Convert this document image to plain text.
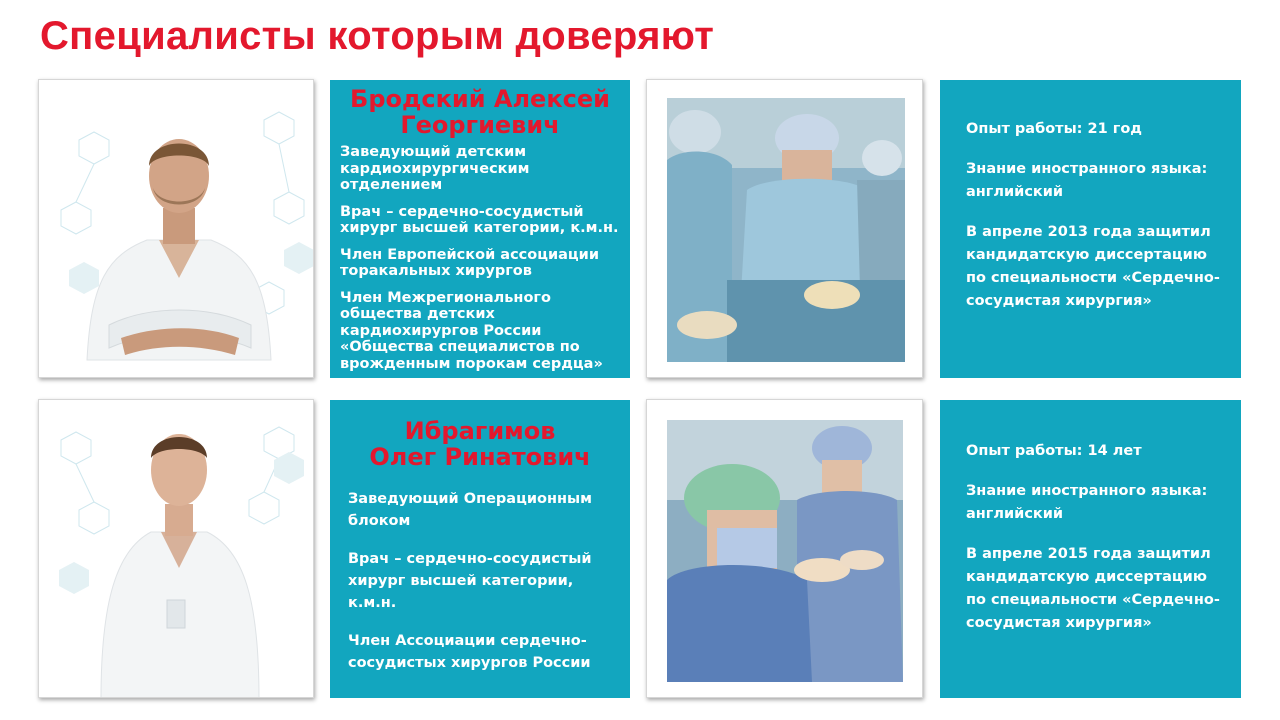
Специалисты которым доверяют
Бродский Алексей
Георгиевич

Заведующий детским кардиохирургическим отделением

Врач – сердечно-сосудистый хирург высшей категории, к.м.н.

Член Европейской ассоциации торакальных хирургов

Член Межрегионального общества детских кардиохирургов России «Общества специалистов по врожденным порокам сердца»

Опыт работы: 21 год

Знание иностранного языка: английский

В апреле 2013 года защитил кандидатскую диссертацию по специальности «Сердечно-сосудистая хирургия»

Ибрагимов
Олег Ринатович

Заведующий Операционным блоком

Врач – сердечно-сосудистый хирург высшей категории, к.м.н.

Член Ассоциации сердечно-сосудистых хирургов России

Опыт работы: 14 лет

Знание иностранного языка: английский

В апреле 2015 года защитил кандидатскую диссертацию по специальности «Сердечно-сосудистая хирургия»
